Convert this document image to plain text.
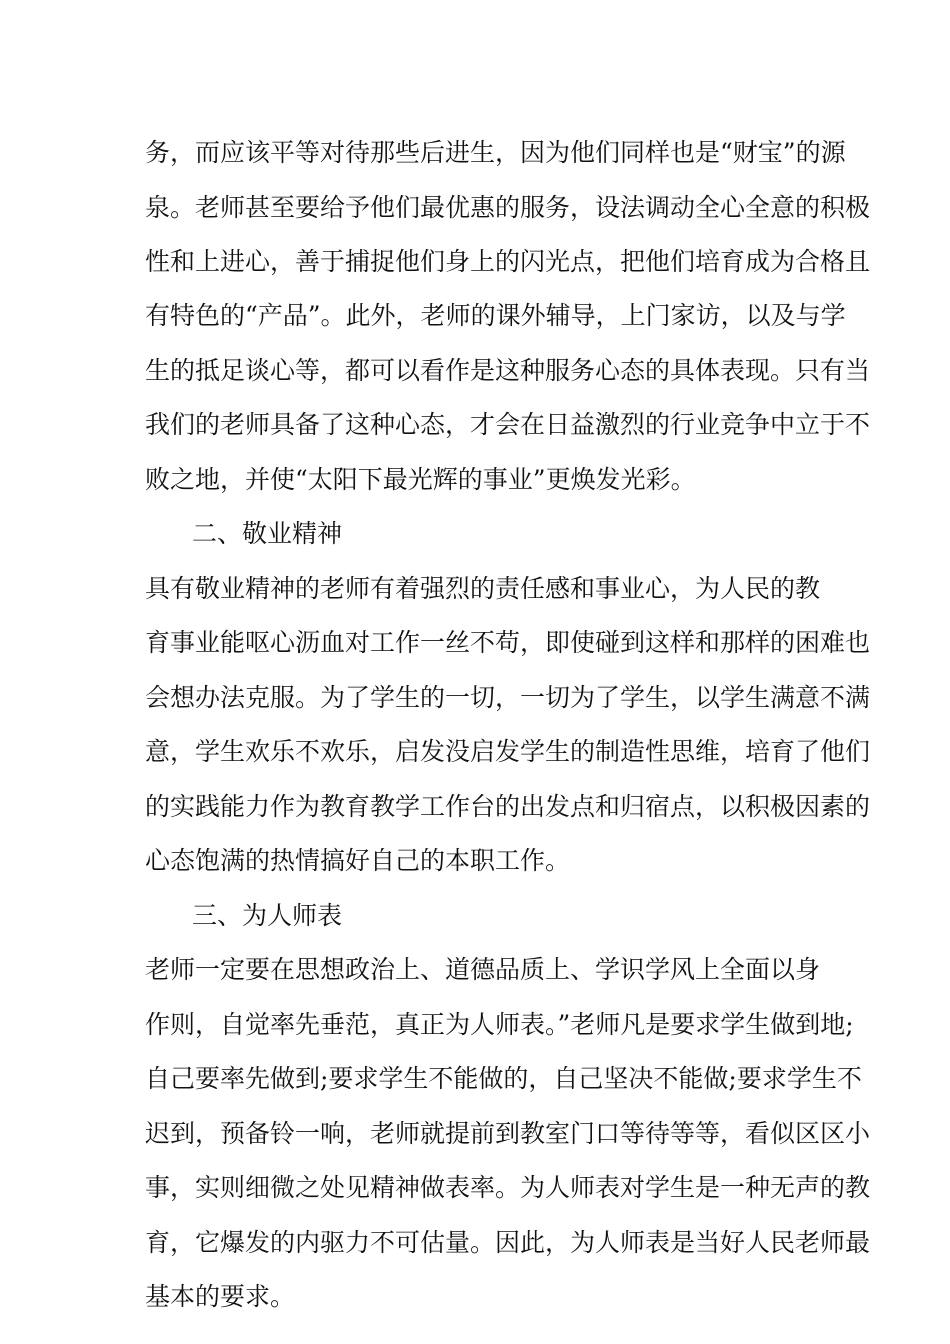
务，而应该平等对待那些后进生，因为他们同样也是“财宝”的源
泉。老师甚至要给予他们最优惠的服务，设法调动全心全意的积极
性和上进心，善于捕捉他们身上的闪光点，把他们培育成为合格且
有特色的“产品”。此外，老师的课外辅导，上门家访，以及与学
生的抵足谈心等，都可以看作是这种服务心态的具体表现。只有当
我们的老师具备了这种心态，才会在日益激烈的行业竞争中立于不
败之地，并使“太阳下最光辉的事业”更焕发光彩。
二、敬业精神
具有敬业精神的老师有着强烈的责任感和事业心，为人民的教
育事业能呕心沥血对工作一丝不苟，即使碰到这样和那样的困难也
会想办法克服。为了学生的一切，一切为了学生，以学生满意不满
意，学生欢乐不欢乐，启发没启发学生的制造性思维，培育了他们
的实践能力作为教育教学工作台的出发点和归宿点，以积极因素的
心态饱满的热情搞好自己的本职工作。
三、为人师表
老师一定要在思想政治上、道德品质上、学识学风上全面以身
作则，自觉率先垂范，真正为人师表。”老师凡是要求学生做到地;
自己要率先做到;要求学生不能做的，自己坚决不能做;要求学生不
迟到，预备铃一响，老师就提前到教室门口等待等等，看似区区小
事，实则细微之处见精神做表率。为人师表对学生是一种无声的教
育，它爆发的内驱力不可估量。因此，为人师表是当好人民老师最
基本的要求。
